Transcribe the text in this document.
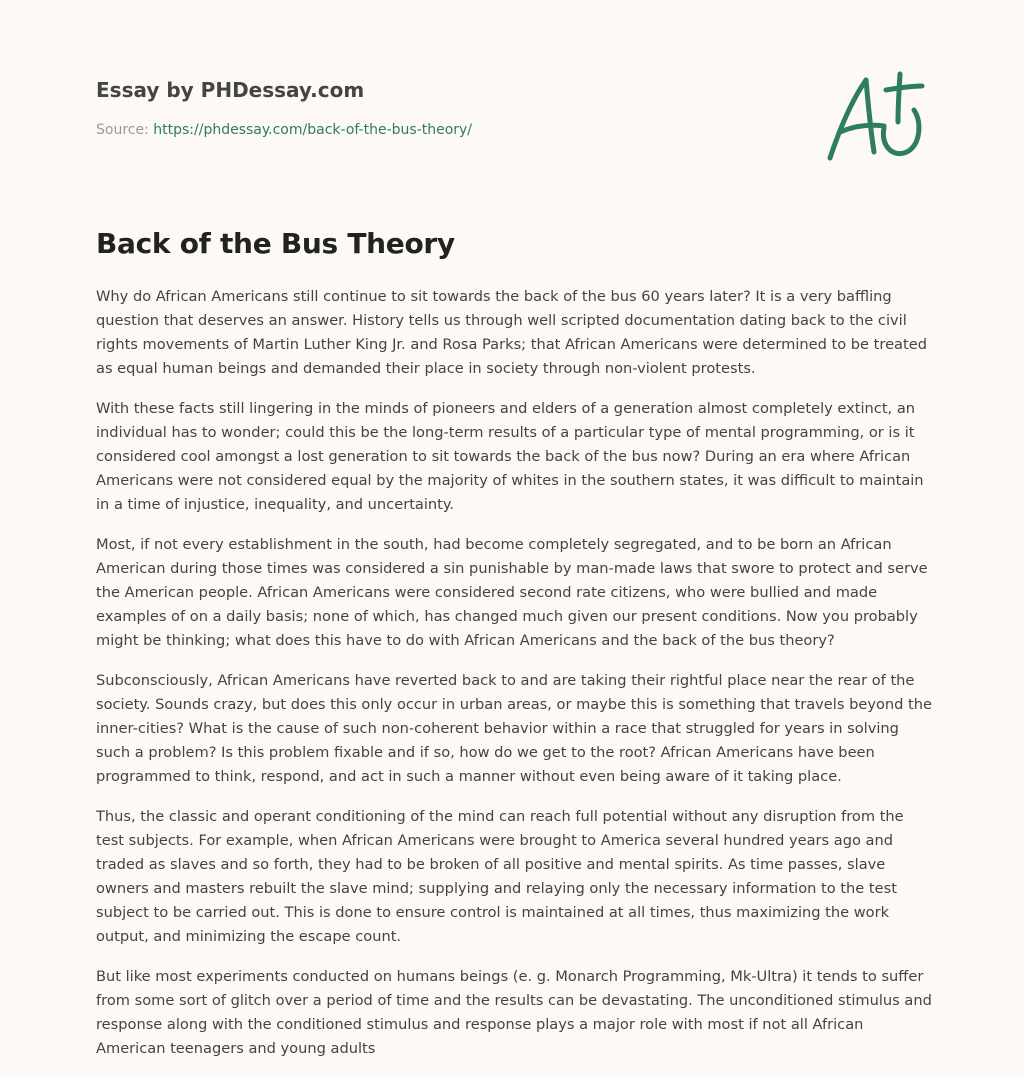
Essay by PHDessay.com
Source: https://phdessay.com/back-of-the-bus-theory/
Back of the Bus Theory

Why do African Americans still continue to sit towards the back of the bus 60 years later? It is a very baffling question that deserves an answer. History tells us through well scripted documentation dating back to the civil rights movements of Martin Luther King Jr. and Rosa Parks; that African Americans were determined to be treated as equal human beings and demanded their place in society through non-violent protests.

With these facts still lingering in the minds of pioneers and elders of a generation almost completely extinct, an individual has to wonder; could this be the long-term results of a particular type of mental programming, or is it considered cool amongst a lost generation to sit towards the back of the bus now? During an era where African Americans were not considered equal by the majority of whites in the southern states, it was difficult to maintain in a time of injustice, inequality, and uncertainty.

Most, if not every establishment in the south, had become completely segregated, and to be born an African American during those times was considered a sin punishable by man-made laws that swore to protect and serve the American people. African Americans were considered second rate citizens, who were bullied and made examples of on a daily basis; none of which, has changed much given our present conditions. Now you probably might be thinking; what does this have to do with African Americans and the back of the bus theory?

Subconsciously, African Americans have reverted back to and are taking their rightful place near the rear of the society. Sounds crazy, but does this only occur in urban areas, or maybe this is something that travels beyond the inner-cities? What is the cause of such non-coherent behavior within a race that struggled for years in solving such a problem? Is this problem fixable and if so, how do we get to the root? African Americans have been programmed to think, respond, and act in such a manner without even being aware of it taking place.

Thus, the classic and operant conditioning of the mind can reach full potential without any disruption from the test subjects. For example, when African Americans were brought to America several hundred years ago and traded as slaves and so forth, they had to be broken of all positive and mental spirits. As time passes, slave owners and masters rebuilt the slave mind; supplying and relaying only the necessary information to the test subject to be carried out. This is done to ensure control is maintained at all times, thus maximizing the work output, and minimizing the escape count.

But like most experiments conducted on humans beings (e. g. Monarch Programming, Mk-Ultra) it tends to suffer from some sort of glitch over a period of time and the results can be devastating. The unconditioned stimulus and response along with the conditioned stimulus and response plays a major role with most if not all African American teenagers and young adults
